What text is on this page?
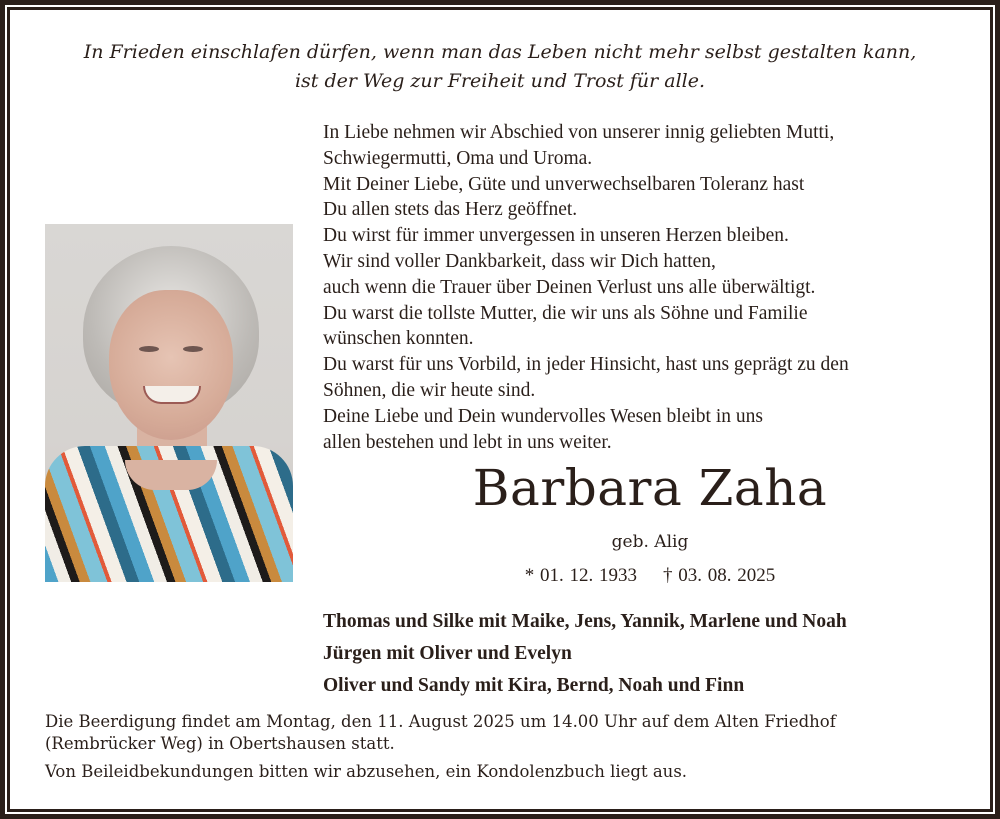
In Frieden einschlafen dürfen, wenn man das Leben nicht mehr selbst gestalten kann,
ist der Weg zur Freiheit und Trost für alle.
In Liebe nehmen wir Abschied von unserer innig geliebten Mutti,
Schwiegermutti, Oma und Uroma.
Mit Deiner Liebe, Güte und unverwechselbaren Toleranz hast
Du allen stets das Herz geöffnet.
Du wirst für immer unvergessen in unseren Herzen bleiben.
Wir sind voller Dankbarkeit, dass wir Dich hatten,
auch wenn die Trauer über Deinen Verlust uns alle überwältigt.
Du warst die tollste Mutter, die wir uns als Söhne und Familie
wünschen konnten.
Du warst für uns Vorbild, in jeder Hinsicht, hast uns geprägt zu den
Söhnen, die wir heute sind.
Deine Liebe und Dein wundervolles Wesen bleibt in uns
allen bestehen und lebt in uns weiter.
Barbara Zaha
geb. Alig
* 01. 12. 1933 † 03. 08. 2025
Thomas und Silke mit Maike, Jens, Yannik, Marlene und Noah
Jürgen mit Oliver und Evelyn
Oliver und Sandy mit Kira, Bernd, Noah und Finn
Die Beerdigung findet am Montag, den 11. August 2025 um 14.00 Uhr auf dem Alten Friedhof
(Rembrücker Weg) in Obertshausen statt.
Von Beileidbekundungen bitten wir abzusehen, ein Kondolenzbuch liegt aus.
